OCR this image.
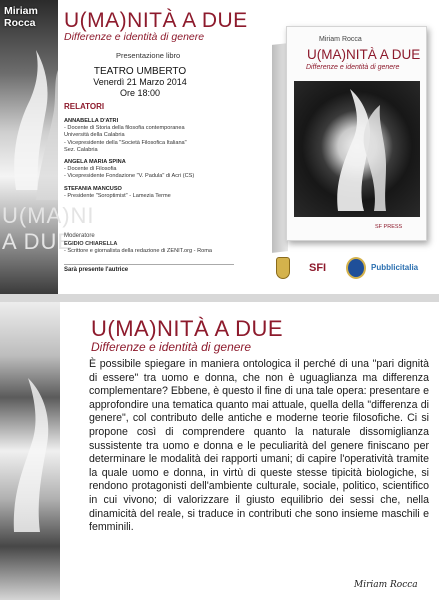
Miriam Rocca
U(MA)NI
A DUE
U(MA)NITÀ A DUE
Differenze e identità di genere
Presentazione libro
TEATRO UMBERTO
Venerdì 21 Marzo 2014
Ore 18:00
RELATORI
ANNABELLA D'ATRI
- Docente di Storia della filosofia contemporanea
Università della Calabria
- Vicepresidente della "Società Filosofica Italiana"
Sez. Calabria
ANGELA MARIA SPINA
- Docente di Filosofia
- Vicepresidente Fondazione "V. Padula" di Acri (CS)
STEFANIA MANCUSO
- Presidente "Soroptimist" - Lamezia Terme
Moderatore
EGIDIO CHIARELLA
- Scrittore e giornalista della redazione di ZENIT.org - Roma
Sarà presente l'autrice
Miriam Rocca
U(MA)NITÀ A DUE
Differenze e identità di genere
SF PRESS
SFI	Pubblicitalia
U(MA)NITÀ A DUE
Differenze e identità di genere
È possibile spiegare in maniera ontologica il perché di una "pari dignità di essere" tra uomo e donna, che non è uguaglianza ma differenza complementare? Ebbene, è questo il fine di una tale opera: presentare e approfondire una tematica quanto mai attuale, quella della "differenza di genere", col contributo delle antiche e moderne teorie filosofiche. Ci si propone così di comprendere quanto la naturale dissomiglianza sussistente tra uomo e donna e le peculiarità del genere finiscano per determinare le modalità dei rapporti umani; di capire l'operatività tramite la quale uomo e donna, in virtù di queste stesse tipicità biologiche, si rendono protagonisti dell'ambiente culturale, sociale, politico, scientifico in cui vivono; di valorizzare il giusto equilibrio dei sessi che, nella dinamicità del reale, si traduce in contributi che sono insieme maschili e femminili.
Miriam Rocca
